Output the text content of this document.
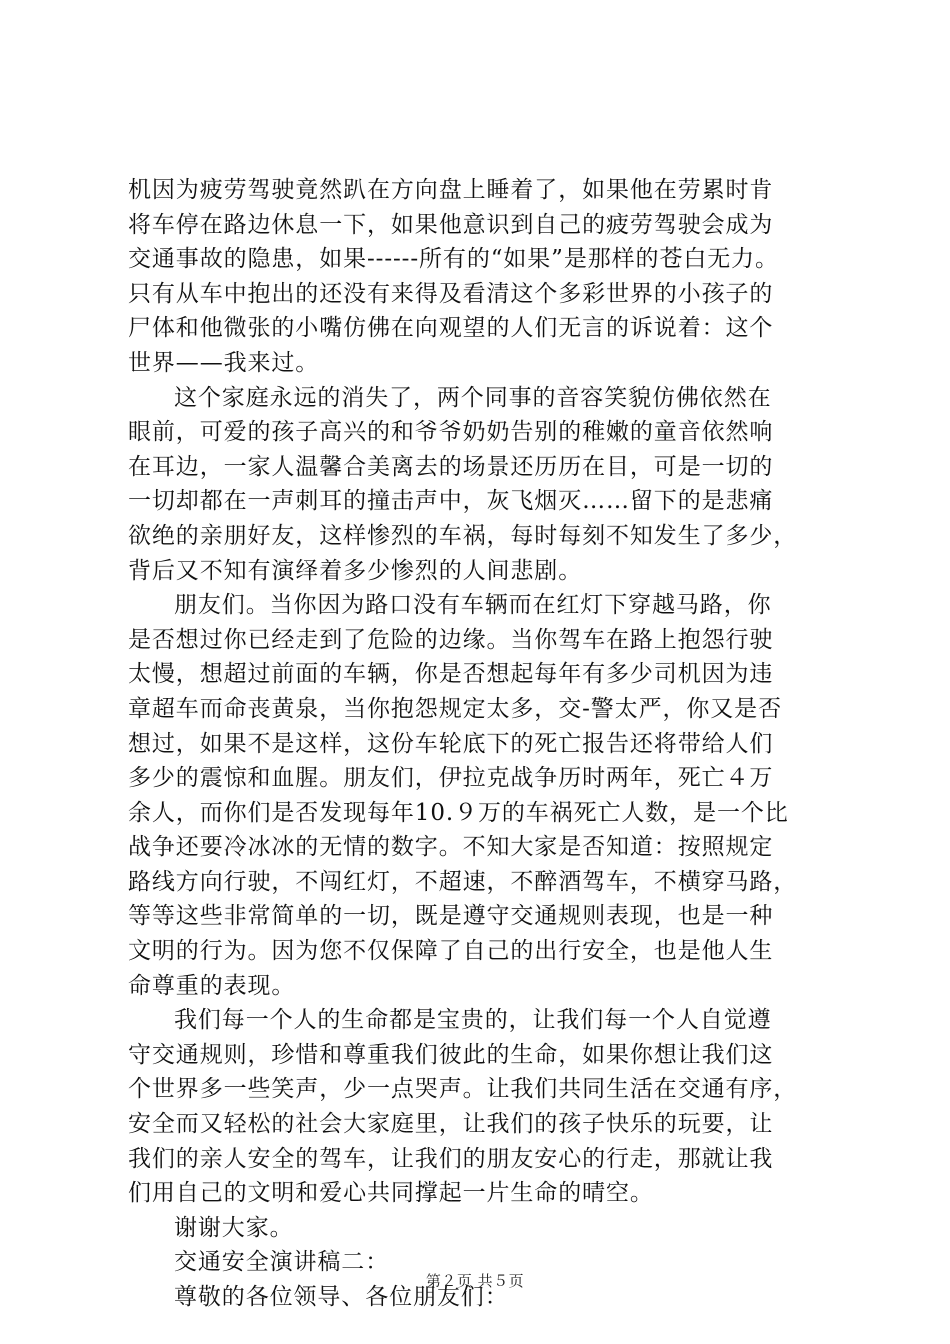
机因为疲劳驾驶竟然趴在方向盘上睡着了，如果他在劳累时肯
将车停在路边休息一下，如果他意识到自己的疲劳驾驶会成为
交通事故的隐患，如果------所有的“如果”是那样的苍白无力。
只有从车中抱出的还没有来得及看清这个多彩世界的小孩子的
尸体和他微张的小嘴仿佛在向观望的人们无言的诉说着：这个
世界——我来过。
这个家庭永远的消失了，两个同事的音容笑貌仿佛依然在
眼前，可爱的孩子高兴的和爷爷奶奶告别的稚嫩的童音依然响
在耳边，一家人温馨合美离去的场景还历历在目，可是一切的
一切却都在一声刺耳的撞击声中，灰飞烟灭……留下的是悲痛
欲绝的亲朋好友，这样惨烈的车祸，每时每刻不知发生了多少，
背后又不知有演绎着多少惨烈的人间悲剧。
朋友们。当你因为路口没有车辆而在红灯下穿越马路，你
是否想过你已经走到了危险的边缘。当你驾车在路上抱怨行驶
太慢，想超过前面的车辆，你是否想起每年有多少司机因为违
章超车而命丧黄泉，当你抱怨规定太多，交-警太严，你又是否
想过，如果不是这样，这份车轮底下的死亡报告还将带给人们
多少的震惊和血腥。朋友们，伊拉克战争历时两年，死亡４万
余人，而你们是否发现每年10.９万的车祸死亡人数，是一个比
战争还要冷冰冰的无情的数字。不知大家是否知道：按照规定
路线方向行驶，不闯红灯，不超速，不醉酒驾车，不横穿马路，
等等这些非常简单的一切，既是遵守交通规则表现，也是一种
文明的行为。因为您不仅保障了自己的出行安全，也是他人生
命尊重的表现。
我们每一个人的生命都是宝贵的，让我们每一个人自觉遵
守交通规则，珍惜和尊重我们彼此的生命，如果你想让我们这
个世界多一些笑声，少一点哭声。让我们共同生活在交通有序，
安全而又轻松的社会大家庭里，让我们的孩子快乐的玩要，让
我们的亲人安全的驾车，让我们的朋友安心的行走，那就让我
们用自己的文明和爱心共同撑起一片生命的晴空。
谢谢大家。
交通安全演讲稿二：
尊敬的各位领导、各位朋友们：
第２页 共５页
